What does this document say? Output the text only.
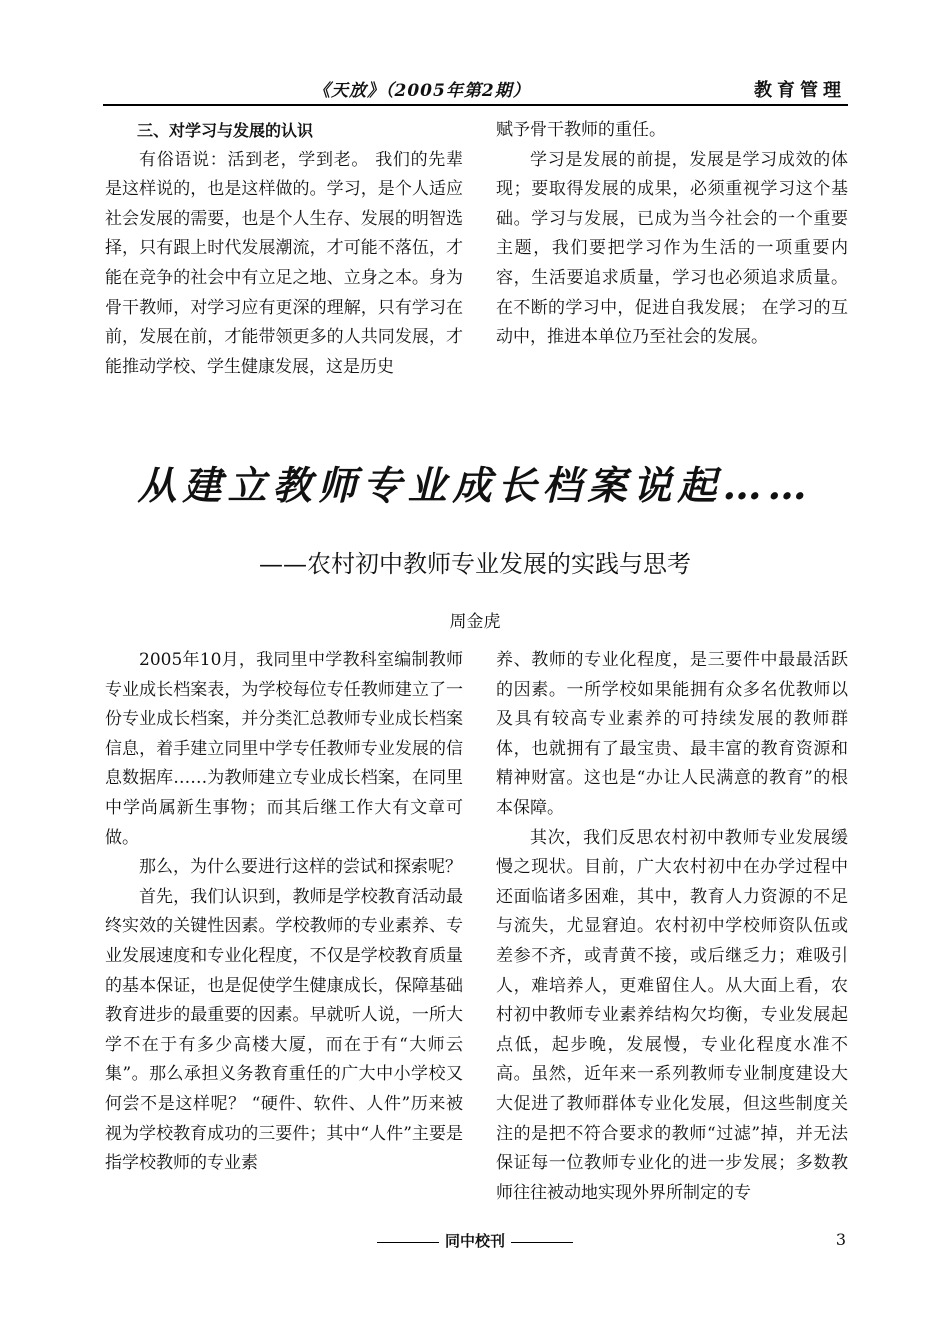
《天放》（2005年第2期）	教育管理

三、对学习与发展的认识

有俗语说：活到老，学到老。 我们的先辈是这样说的，也是这样做的。学习，是个人适应社会发展的需要，也是个人生存、发展的明智选择，只有跟上时代发展潮流，才可能不落伍，才能在竞争的社会中有立足之地、立身之本。身为骨干教师，对学习应有更深的理解，只有学习在前，发展在前，才能带领更多的人共同发展，才能推动学校、学生健康发展，这是历史

赋予骨干教师的重任。

学习是发展的前提，发展是学习成效的体现；要取得发展的成果，必须重视学习这个基础。学习与发展，已成为当今社会的一个重要 主题，我们要把学习作为生活的一项重要内容，生活要追求质量，学习也必须追求质量。在不断的学习中，促进自我发展； 在学习的互动中，推进本单位乃至社会的发展。

从建立教师专业成长档案说起……
——农村初中教师专业发展的实践与思考
周金虎

2005年10月，我同里中学教科室编制教师专业成长档案表，为学校每位专任教师建立了一份专业成长档案，并分类汇总教师专业成长档案信息，着手建立同里中学专任教师专业发展的信息数据库……为教师建立专业成长档案，在同里中学尚属新生事物；而其后继工作大有文章可做。

那么，为什么要进行这样的尝试和探索呢？

首先，我们认识到，教师是学校教育活动最终实效的关键性因素。学校教师的专业素养、专业发展速度和专业化程度，不仅是学校教育质量的基本保证，也是促使学生健康成长，保障基础教育进步的最重要的因素。早就听人说，一所大学不在于有多少高楼大厦，而在于有“大师云集”。那么承担义务教育重任的广大中小学校又何尝不是这样呢？ “硬件、软件、人件”历来被视为学校教育成功的三要件；其中“人件”主要是指学校教师的专业素

养、教师的专业化程度，是三要件中最最活跃的因素。一所学校如果能拥有众多名优教师以及具有较高专业素养的可持续发展的教师群体，也就拥有了最宝贵、最丰富的教育资源和精神财富。这也是“办让人民满意的教育”的根本保障。

其次，我们反思农村初中教师专业发展缓慢之现状。目前，广大农村初中在办学过程中还面临诸多困难，其中，教育人力资源的不足与流失，尤显窘迫。农村初中学校师资队伍或差参不齐，或青黄不接，或后继乏力；难吸引人，难培养人，更难留住人。从大面上看，农村初中教师专业素养结构欠均衡，专业发展起点低，起步晚，发展慢，专业化程度水准不高。虽然，近年来一系列教师专业制度建设大大促进了教师群体专业化发展，但这些制度关注的是把不符合要求的教师“过滤”掉，并无法保证每一位教师专业化的进一步发展；多数教师往往被动地实现外界所制定的专

同中校刊	3
